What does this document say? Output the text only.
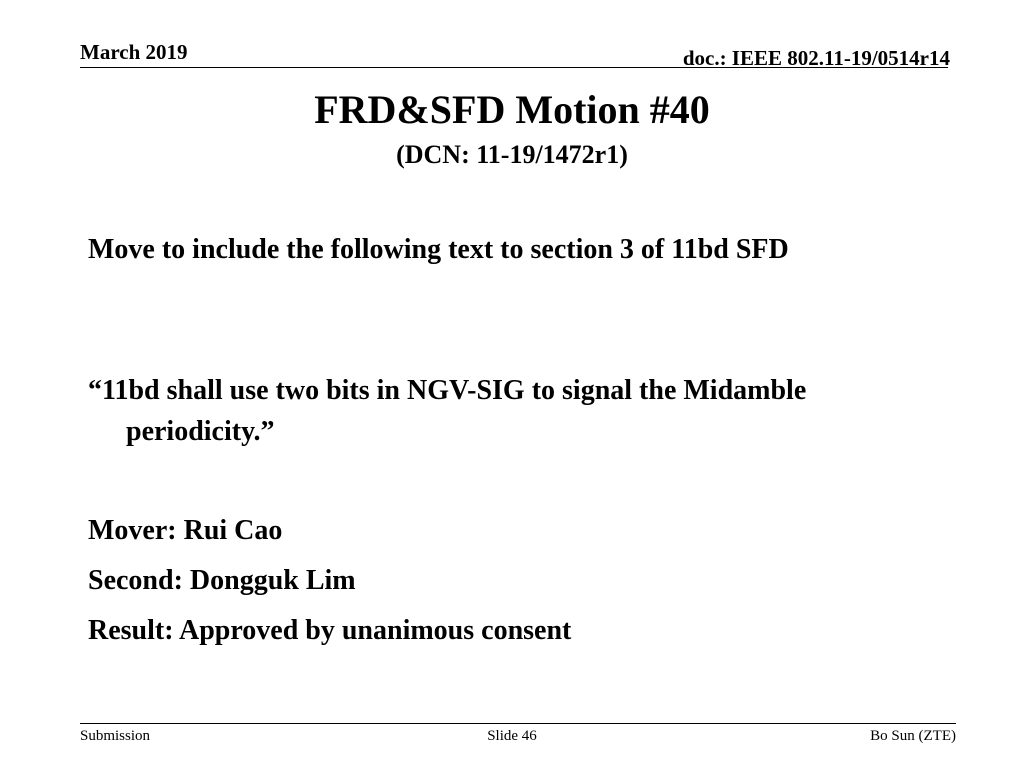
March 2019	doc.: IEEE 802.11-19/0514r14
FRD&SFD Motion #40
(DCN: 11-19/1472r1)
Move to include the following text to section 3 of 11bd SFD
“11bd shall use two bits in NGV-SIG to signal the Midamble periodicity.”
Mover: Rui Cao
Second: Dongguk Lim
Result: Approved by unanimous consent
Submission	Slide 46	Bo Sun (ZTE)
